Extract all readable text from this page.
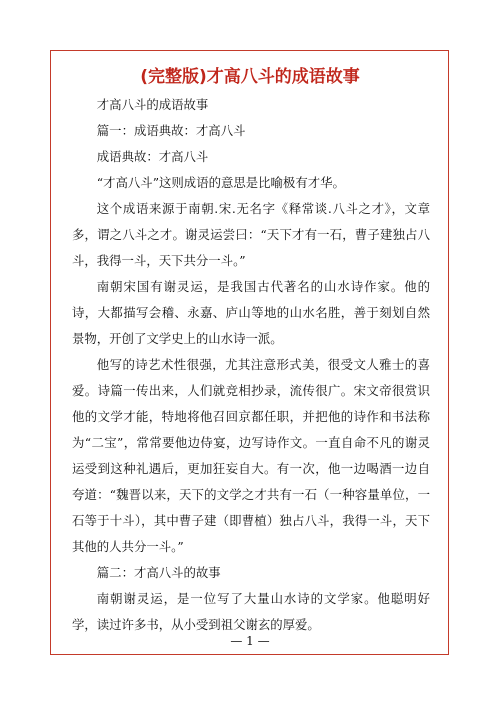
(完整版)才高八斗的成语故事

才高八斗的成语故事

篇一：成语典故：才高八斗

成语典故：才高八斗

“才高八斗”这则成语的意思是比喻极有才华。

这个成语来源于南朝.宋.无名字《释常谈.八斗之才》，文章多，谓之八斗之才。谢灵运尝曰：“天下才有一石，曹子建独占八斗，我得一斗，天下共分一斗。”

南朝宋国有谢灵运，是我国古代著名的山水诗作家。他的诗，大都描写会稽、永嘉、庐山等地的山水名胜，善于刻划自然景物，开创了文学史上的山水诗一派。

他写的诗艺术性很强，尤其注意形式美，很受文人雅士的喜爱。诗篇一传出来，人们就竞相抄录，流传很广。宋文帝很赏识他的文学才能，特地将他召回京都任职，并把他的诗作和书法称为“二宝”，常常要他边侍宴，边写诗作文。一直自命不凡的谢灵运受到这种礼遇后，更加狂妄自大。有一次，他一边喝酒一边自夸道：“魏晋以来，天下的文学之才共有一石（一种容量单位，一石等于十斗），其中曹子建（即曹植）独占八斗，我得一斗，天下其他的人共分一斗。”

篇二：才高八斗的故事

南朝谢灵运，是一位写了大量山水诗的文学家。他聪明好学，读过许多书，从小受到祖父谢玄的厚爱。

— 1 —
